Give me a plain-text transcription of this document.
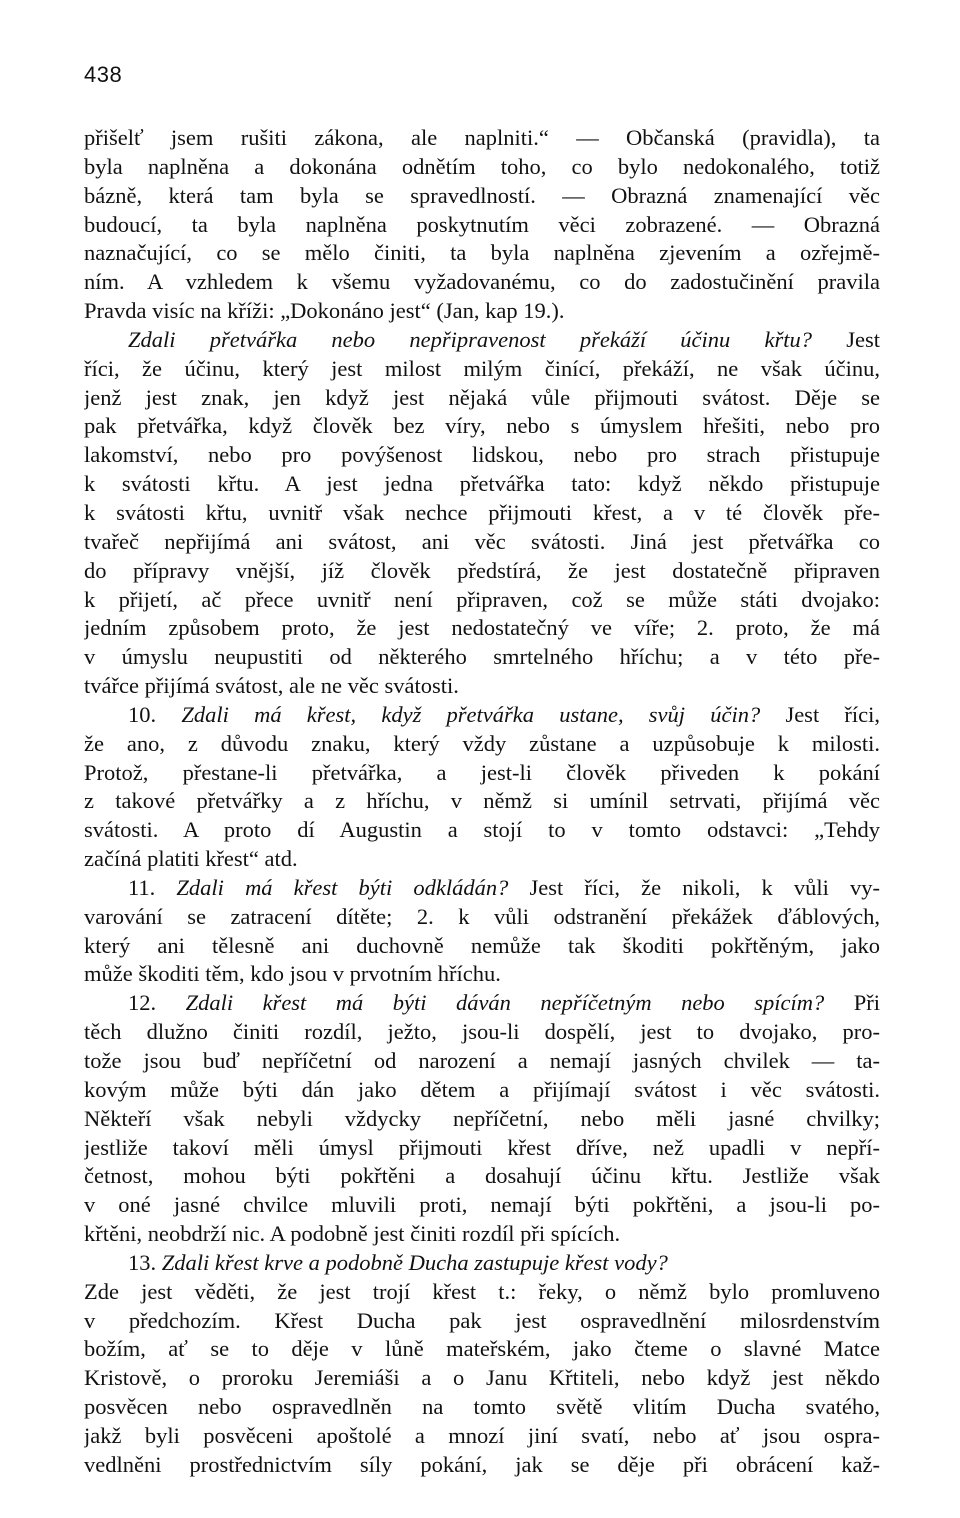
438
přišelť jsem rušiti zákona, ale naplniti.“ — Občanská (pravidla), ta
byla naplněna a dokonána odnětím toho, co bylo nedokonalého, totiž
bázně, která tam byla se spravedlností. — Obrazná znamenající věc
budoucí, ta byla naplněna poskytnutím věci zobrazené. — Obrazná
naznačující, co se mělo činiti, ta byla naplněna zjevením a ozřejmě-
ním. A vzhledem k všemu vyžadovanému, co do zadostučinění pravila
Pravda visíc na kříži: „Dokonáno jest“ (Jan, kap 19.).
Zdali přetvářka nebo nepřipravenost překáží účinu křtu? Jest
říci, že účinu, který jest milost milým činící, překáží, ne však účinu,
jenž jest znak, jen když jest nějaká vůle přijmouti svátost. Děje se
pak přetvářka, když člověk bez víry, nebo s úmyslem hřešiti, nebo pro
lakomství, nebo pro povýšenost lidskou, nebo pro strach přistupuje
k svátosti křtu. A jest jedna přetvářka tato: když někdo přistupuje
k svátosti křtu, uvnitř však nechce přijmouti křest, a v té člověk pře-
tvařeč nepřijímá ani svátost, ani věc svátosti. Jiná jest přetvářka co
do přípravy vnější, jíž člověk předstírá, že jest dostatečně připraven
k přijetí, ač přece uvnitř není připraven, což se může státi dvojako:
jedním způsobem proto, že jest nedostatečný ve víře; 2. proto, že má
v úmyslu neupustiti od některého smrtelného hříchu; a v této pře-
tvářce přijímá svátost, ale ne věc svátosti.
10. Zdali má křest, když přetvářka ustane, svůj účin? Jest říci,
že ano, z důvodu znaku, který vždy zůstane a uzpůsobuje k milosti.
Protož, přestane-li přetvářka, a jest-li člověk přiveden k pokání
z takové přetvářky a z hříchu, v němž si umínil setrvati, přijímá věc
svátosti. A proto dí Augustin a stojí to v tomto odstavci: „Tehdy
začíná platiti křest“ atd.
11. Zdali má křest býti odkládán? Jest říci, že nikoli, k vůli vy-
varování se zatracení dítěte; 2. k vůli odstranění překážek ďáblových,
který ani tělesně ani duchovně nemůže tak škoditi pokřtěným, jako
může škoditi těm, kdo jsou v prvotním hříchu.
12. Zdali křest má býti dáván nepříčetným nebo spícím? Při
těch dlužno činiti rozdíl, ježto, jsou-li dospělí, jest to dvojako, pro-
tože jsou buď nepříčetní od narození a nemají jasných chvilek — ta-
kovým může býti dán jako dětem a přijímají svátost i věc svátosti.
Někteří však nebyli vždycky nepříčetní, nebo měli jasné chvilky;
jestliže takoví měli úmysl přijmouti křest dříve, než upadli v nepří-
četnost, mohou býti pokřtěni a dosahují účinu křtu. Jestliže však
v oné jasné chvilce mluvili proti, nemají býti pokřtěni, a jsou-li po-
křtěni, neobdrží nic. A podobně jest činiti rozdíl při spících.
13. Zdali křest krve a podobně Ducha zastupuje křest vody?
Zde jest věděti, že jest trojí křest t.: řeky, o němž bylo promluveno
v předchozím. Křest Ducha pak jest ospravedlnění milosrdenstvím
božím, ať se to děje v lůně mateřském, jako čteme o slavné Matce
Kristově, o proroku Jeremiáši a o Janu Křtiteli, nebo když jest někdo
posvěcen nebo ospravedlněn na tomto světě vlitím Ducha svatého,
jakž byli posvěceni apoštolé a mnozí jiní svatí, nebo ať jsou ospra-
vedlněni prostřednictvím síly pokání, jak se děje při obrácení kaž-
